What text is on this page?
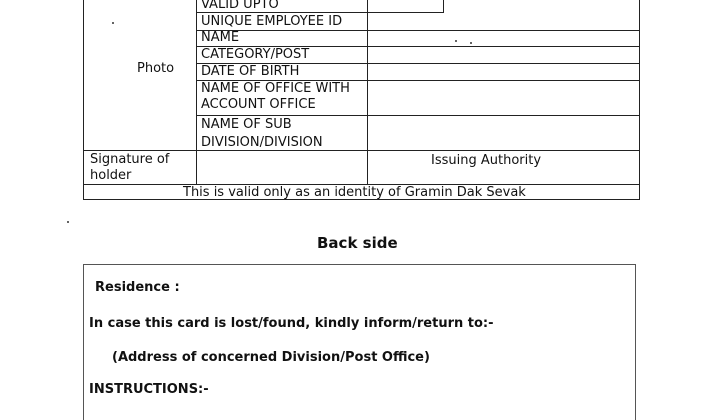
Photo
VALID UPTO
UNIQUE EMPLOYEE ID
NAME
CATEGORY/POST
DATE OF BIRTH
NAME OF OFFICE WITH
ACCOUNT OFFICE
NAME OF SUB
DIVISION/DIVISION
Signature of
holder
Issuing Authority
This is valid only as an identity of Gramin Dak Sevak
Back side
Residence :
In case this card is lost/found, kindly inform/return to:-
(Address of concerned Division/Post Office)
INSTRUCTIONS:-
